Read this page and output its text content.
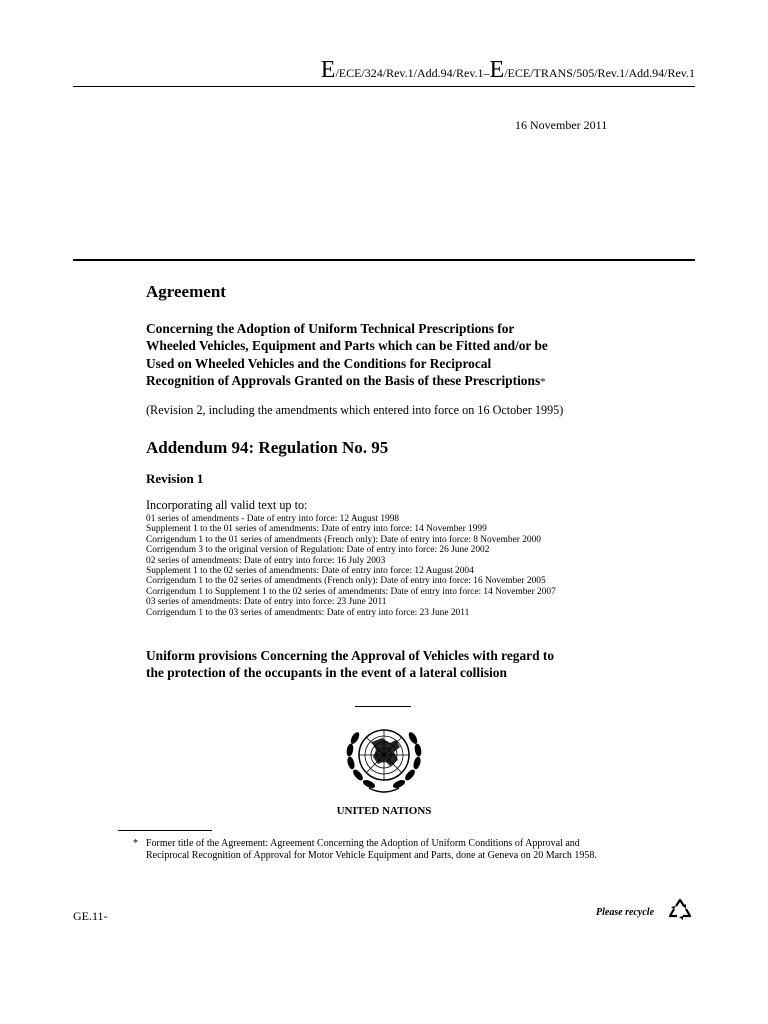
E/ECE/324/Rev.1/Add.94/Rev.1–E/ECE/TRANS/505/Rev.1/Add.94/Rev.1
16 November 2011
Agreement
Concerning the Adoption of Uniform Technical Prescriptions for
Wheeled Vehicles, Equipment and Parts which can be Fitted and/or be
Used on Wheeled Vehicles and the Conditions for Reciprocal
Recognition of Approvals Granted on the Basis of these Prescriptions*
(Revision 2, including the amendments which entered into force on 16 October 1995)
Addendum 94: Regulation No. 95
Revision 1
Incorporating all valid text up to:
01 series of amendments - Date of entry into force: 12 August 1998
Supplement 1 to the 01 series of amendments: Date of entry into force: 14 November 1999
Corrigendum 1 to the 01 series of amendments (French only): Date of entry into force: 8 November 2000
Corrigendum 3 to the original version of Regulation: Date of entry into force: 26 June 2002
02 series of amendments: Date of entry into force: 16 July 2003
Supplement 1 to the 02 series of amendments: Date of entry into force: 12 August 2004
Corrigendum 1 to the 02 series of amendments (French only): Date of entry into force: 16 November 2005
Corrigendum 1 to Supplement 1 to the 02 series of amendments: Date of entry into force: 14 November 2007
03 series of amendments: Date of entry into force: 23 June 2011
Corrigendum 1 to the 03 series of amendments: Date of entry into force: 23 June 2011
Uniform provisions Concerning the Approval of Vehicles with regard to
the protection of the occupants in the event of a lateral collision
UNITED NATIONS
* Former title of the Agreement: Agreement Concerning the Adoption of Uniform Conditions of Approval and Reciprocal Recognition of Approval for Motor Vehicle Equipment and Parts, done at Geneva on 20 March 1958.
GE.11-	Please recycle
